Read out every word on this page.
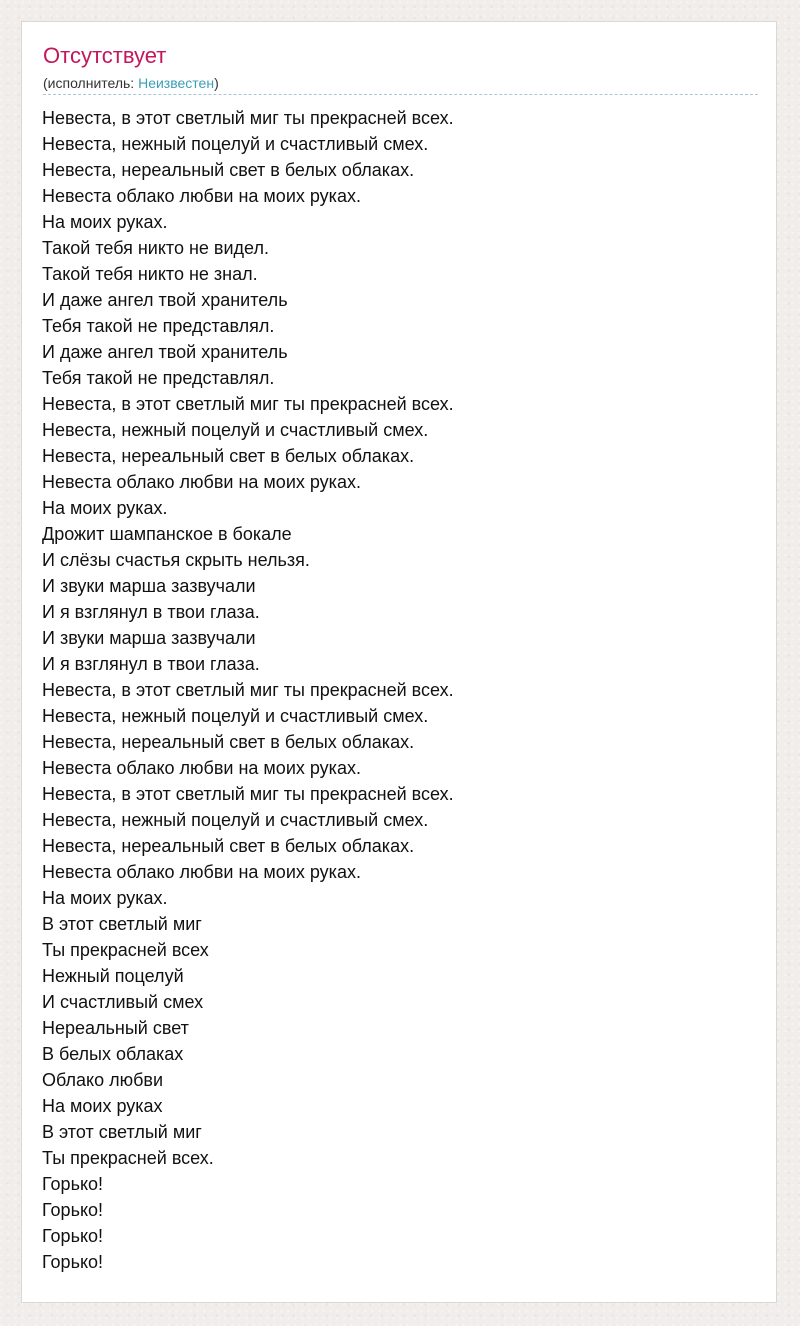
Отсутствует
(исполнитель: Неизвестен)
Невеста, в этот светлый миг ты прекрасней всех.
Невеста, нежный поцелуй и счастливый смех.
Невеста, нереальный свет в белых облаках.
Невеста облако любви на моих руках.
На моих руках.
Такой тебя никто не видел.
Такой тебя никто не знал.
И даже ангел твой хранитель
Тебя такой не представлял.
И даже ангел твой хранитель
Тебя такой не представлял.
Невеста, в этот светлый миг ты прекрасней всех.
Невеста, нежный поцелуй и счастливый смех.
Невеста, нереальный свет в белых облаках.
Невеста облако любви на моих руках.
На моих руках.
Дрожит шампанское в бокале
И слёзы счастья скрыть нельзя.
И звуки марша зазвучали
И я взглянул в твои глаза.
И звуки марша зазвучали
И я взглянул в твои глаза.
Невеста, в этот светлый миг ты прекрасней всех.
Невеста, нежный поцелуй и счастливый смех.
Невеста, нереальный свет в белых облаках.
Невеста облако любви на моих руках.
Невеста, в этот светлый миг ты прекрасней всех.
Невеста, нежный поцелуй и счастливый смех.
Невеста, нереальный свет в белых облаках.
Невеста облако любви на моих руках.
На моих руках.
В этот светлый миг
Ты прекрасней всех
Нежный поцелуй
И счастливый смех
Нереальный свет
В белых облаках
Облако любви
На моих руках
В этот светлый миг
Ты прекрасней всех.
Горько!
Горько!
Горько!
Горько!
